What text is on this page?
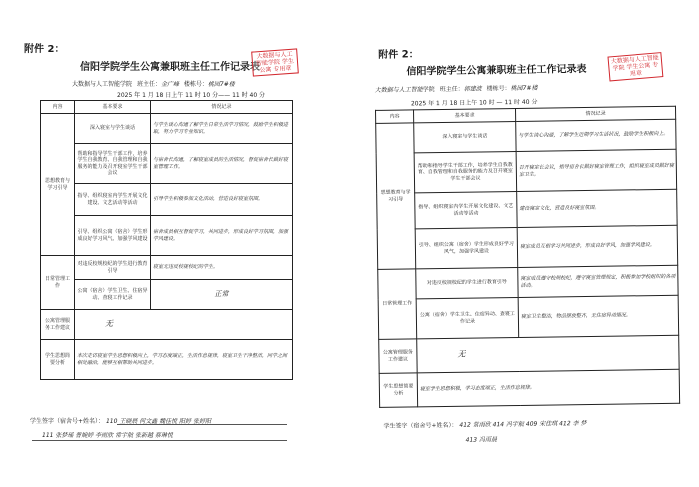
附件 2：
信阳学院学生公寓兼职班主任工作记录表
大数据与人工智能学院 学生公寓 专用章
大数据与人工智能学院 班主任：金广峰 楼栋号：桃园7#楼
2025 年 1 月 18 日上午 11 时 10 分—— 11 时 40 分
内容	基本要求	情况记录
思想教育与学习引导	深入寝室与学生谈话	与学生谈心沟通了解学生日常生活学习情况，鼓励学生积极进取，努力学习专业知识。
	帮助和指导学生干部工作，培养学生自我教育、自我管理和自我服务的能力及召开寝室学生干部会议	与宿舍长沟通，了解寝室成员的生活情况，督促宿舍长做好寝室管理工作。
	指导、组织寝室内学生开展文化建设、文艺活动等活动	引导学生积极参加文化活动，营造良好寝室氛围。
	引导、组织公寓（宿舍）学生形成良好学习风气、加强学风建设	宿舍成员相互督促学习，共同进步，形成良好学习氛围，加强学风建设。
日常管理工作	对违反校规校纪的学生进行教育引导	寝室无违反校规校纪的学生。
	公寓（宿舍）学生卫生、住宿异动、查寝工作记录	正常
公寓管理服务工作建议	无	
学生思想简要分析	本次走访寝室学生思想积极向上，学习态度端正，生活作息规律，寝室卫生干净整洁，同学之间相处融洽，能够互相帮助共同进步。	
学生签字（宿舍号+姓名）： 110 王晓晨 何文鑫 魏佳悦 阳婷 张婷阳
111 张梦瑶 曹婉婷 李雨欣 常宇航 张新越 蔡琳悦
附件 2：
信阳学院学生公寓兼职班主任工作记录表
大数据与人工智能学院 学生公寓 专用章
大数据与人工智能学院 班主任：郭建波 楼栋号：桃园7#楼
2025 年 1 月 18 日上午 10 时 — 11 时 40 分
内容	基本要求	情况记录
思想教育与学习引导	深入寝室与学生谈话	与学生谈心沟通，了解学生近期学习生活状况，鼓励学生积极向上。
	帮助和指导学生干部工作，培养学生自我教育、自我管理和自我服务的能力及召开寝室学生干部会议	召开寝室长会议，指导宿舍长做好寝室管理工作，组织寝室成员做好寝室卫生。
	指导、组织寝室内学生开展文化建设、文艺活动等活动	建设寝室文化，营造良好寝室氛围。
	引导、组织公寓（宿舍）学生形成良好学习风气，加强学风建设	寝室成员互相学习共同进步，形成良好学风，加强学风建设。
日常管理工作	对违反校规校纪的学生进行教育引导	寝室成员遵守校规校纪，遵守寝室管理规定，积极参加学校组织的各项活动。
	公寓（宿舍）学生卫生、住宿异动、查寝工作记录	寝室卫生整洁，物品摆放整齐，无住宿异动情况。
公寓管理服务工作建议	无	
学生思想简要分析	寝室学生思想积极，学习态度端正，生活作息规律。	
学生签字（宿舍号+姓名）： 412 常雨欣 414 冯宇航 409 宋佳琪 412 李 梦
413 冯雨晨
